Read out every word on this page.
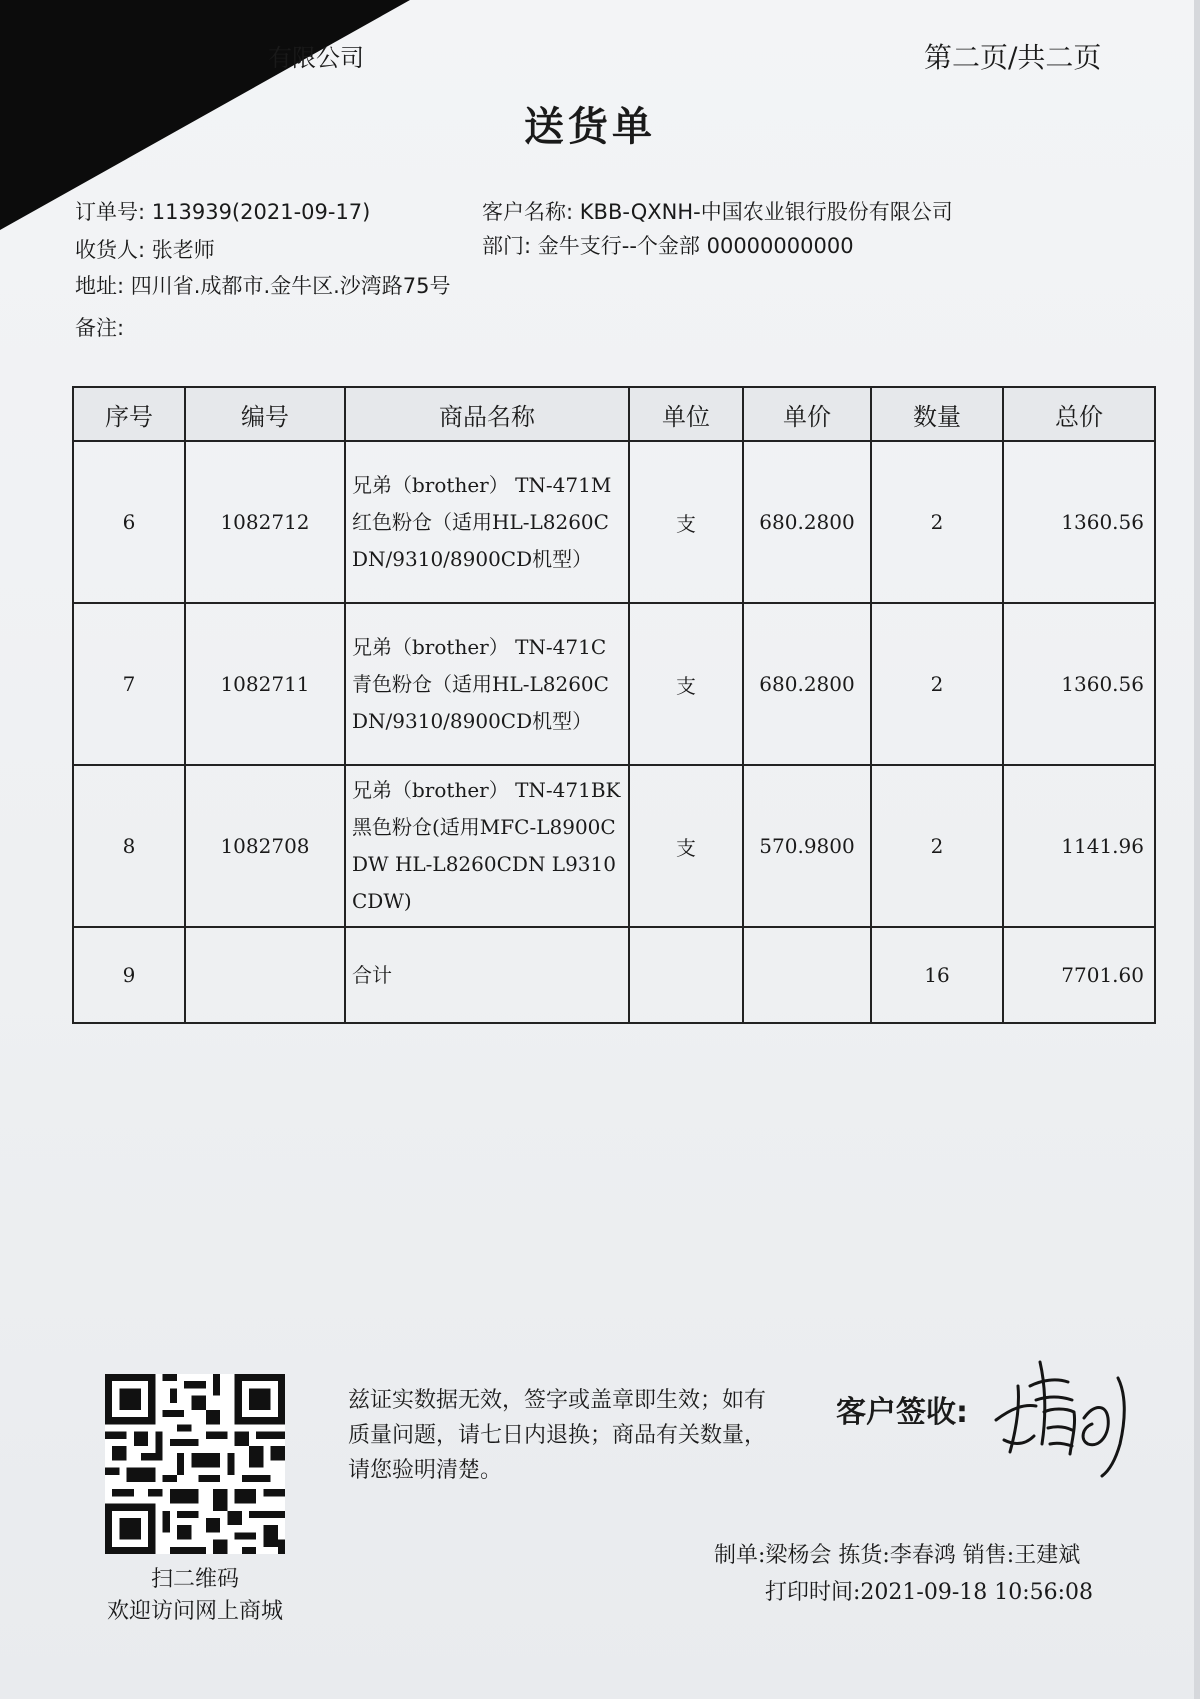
有限公司	第二页/共二页
送货单
订单号: 113939(2021-09-17)	客户名称: KBB-QXNH-中国农业银行股份有限公司
收货人: 张老师	部门: 金牛支行--个金部 00000000000
地址: 四川省.成都市.金牛区.沙湾路75号
备注:
序号	编号	商品名称	单位	单价	数量	总价
6	1082712	兄弟（brother） TN-471M 红色粉仓（适用HL-L8260CDN/9310/8900CD机型）	支	680.2800	2	1360.56
7	1082711	兄弟（brother） TN-471C 青色粉仓（适用HL-L8260CDN/9310/8900CD机型）	支	680.2800	2	1360.56
8	1082708	兄弟（brother） TN-471BK 黑色粉仓(适用MFC-L8900CDW HL-L8260CDN L9310CDW)	支	570.9800	2	1141.96
9		合计			16	7701.60
扫二维码
欢迎访问网上商城
兹证实数据无效，签字或盖章即生效；如有质量问题，请七日内退换；商品有关数量，请您验明清楚。
客户签收:
制单:梁杨会 拣货:李春鸿 销售:王建斌
打印时间:2021-09-18 10:56:08
